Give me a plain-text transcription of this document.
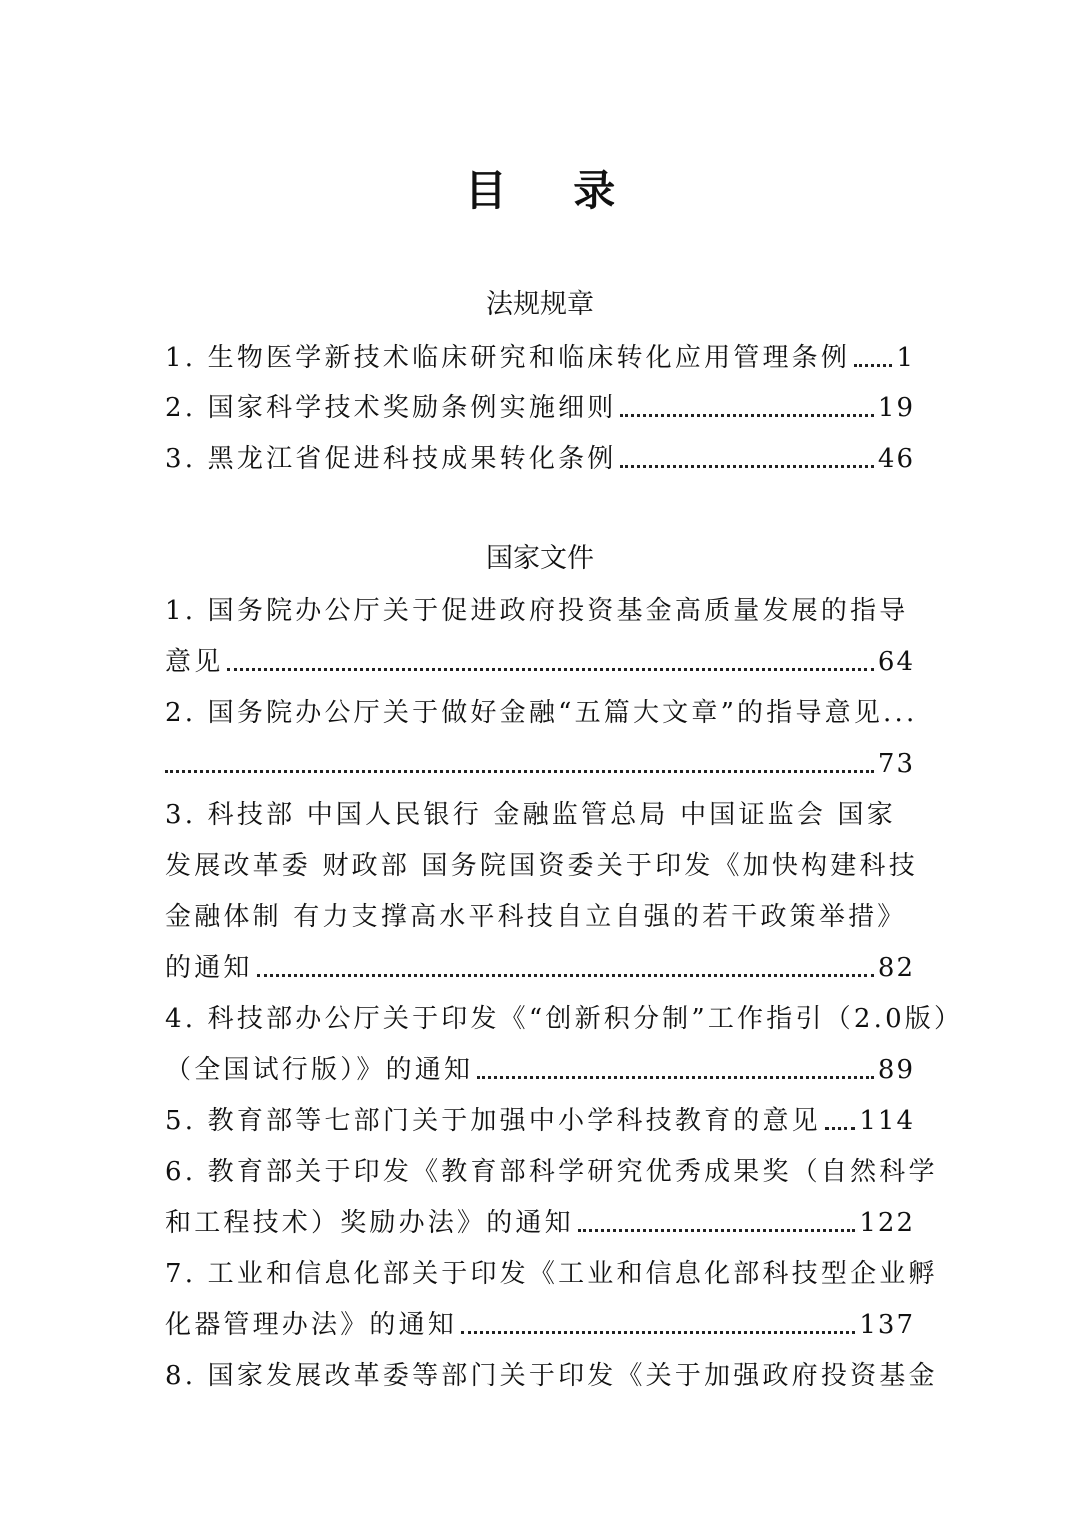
目 录
法规规章
1. 生物医学新技术临床研究和临床转化应用管理条例 1
2. 国家科学技术奖励条例实施细则	19
3. 黑龙江省促进科技成果转化条例	46
国家文件
1. 国务院办公厅关于促进政府投资基金高质量发展的指导
意见	64
2. 国务院办公厅关于做好金融“五篇大文章”的指导意见...
73
3. 科技部 中国人民银行 金融监管总局 中国证监会 国家
发展改革委 财政部 国务院国资委关于印发《加快构建科技
金融体制 有力支撑高水平科技自立自强的若干政策举措》
的通知	82
4. 科技部办公厅关于印发《“创新积分制”工作指引（2.0版）
（全国试行版）》的通知	89
5. 教育部等七部门关于加强中小学科技教育的意见 114
6. 教育部关于印发《教育部科学研究优秀成果奖（自然科学
和工程技术）奖励办法》的通知	122
7. 工业和信息化部关于印发《工业和信息化部科技型企业孵
化器管理办法》的通知	137
8. 国家发展改革委等部门关于印发《关于加强政府投资基金
